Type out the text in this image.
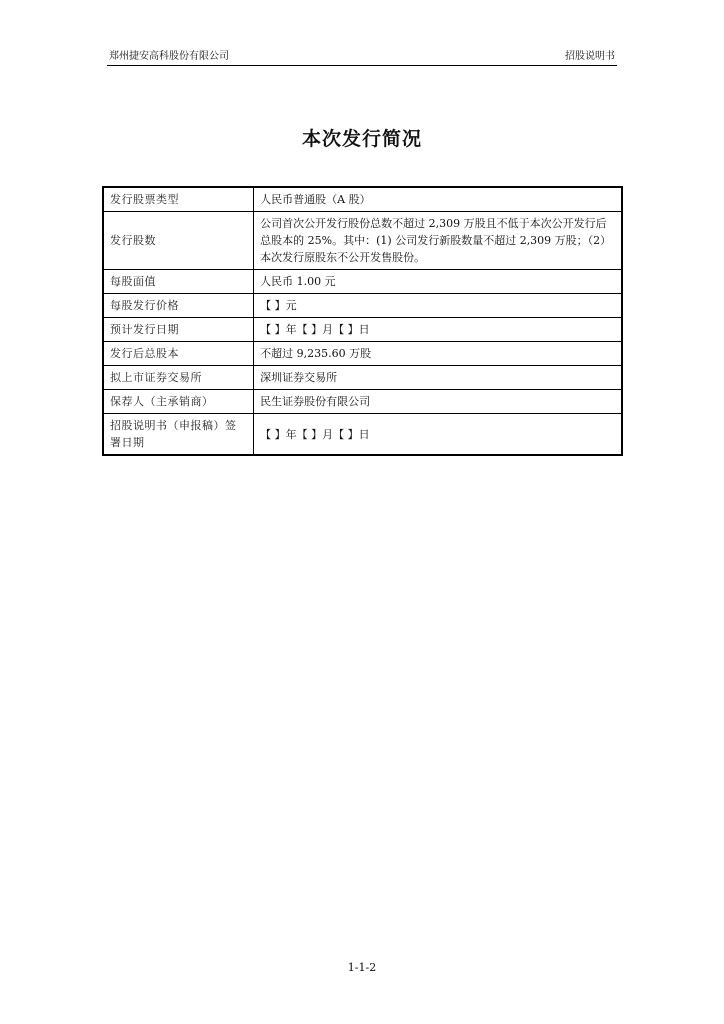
郑州捷安高科股份有限公司	招股说明书
本次发行简况
发行股票类型	人民币普通股（A 股）
发行股数	公司首次公开发行股份总数不超过 2,309 万股且不低于本次公开发行后总股本的 25%。其中：(1) 公司发行新股数量不超过 2,309 万股；（2）本次发行原股东不公开发售股份。
每股面值	人民币 1.00 元
每股发行价格	【 】元
预计发行日期	【 】年【 】月【 】日
发行后总股本	不超过 9,235.60 万股
拟上市证券交易所	深圳证券交易所
保荐人（主承销商）	民生证券股份有限公司
招股说明书（申报稿）签署日期	【 】年【 】月【 】日
1-1-2
